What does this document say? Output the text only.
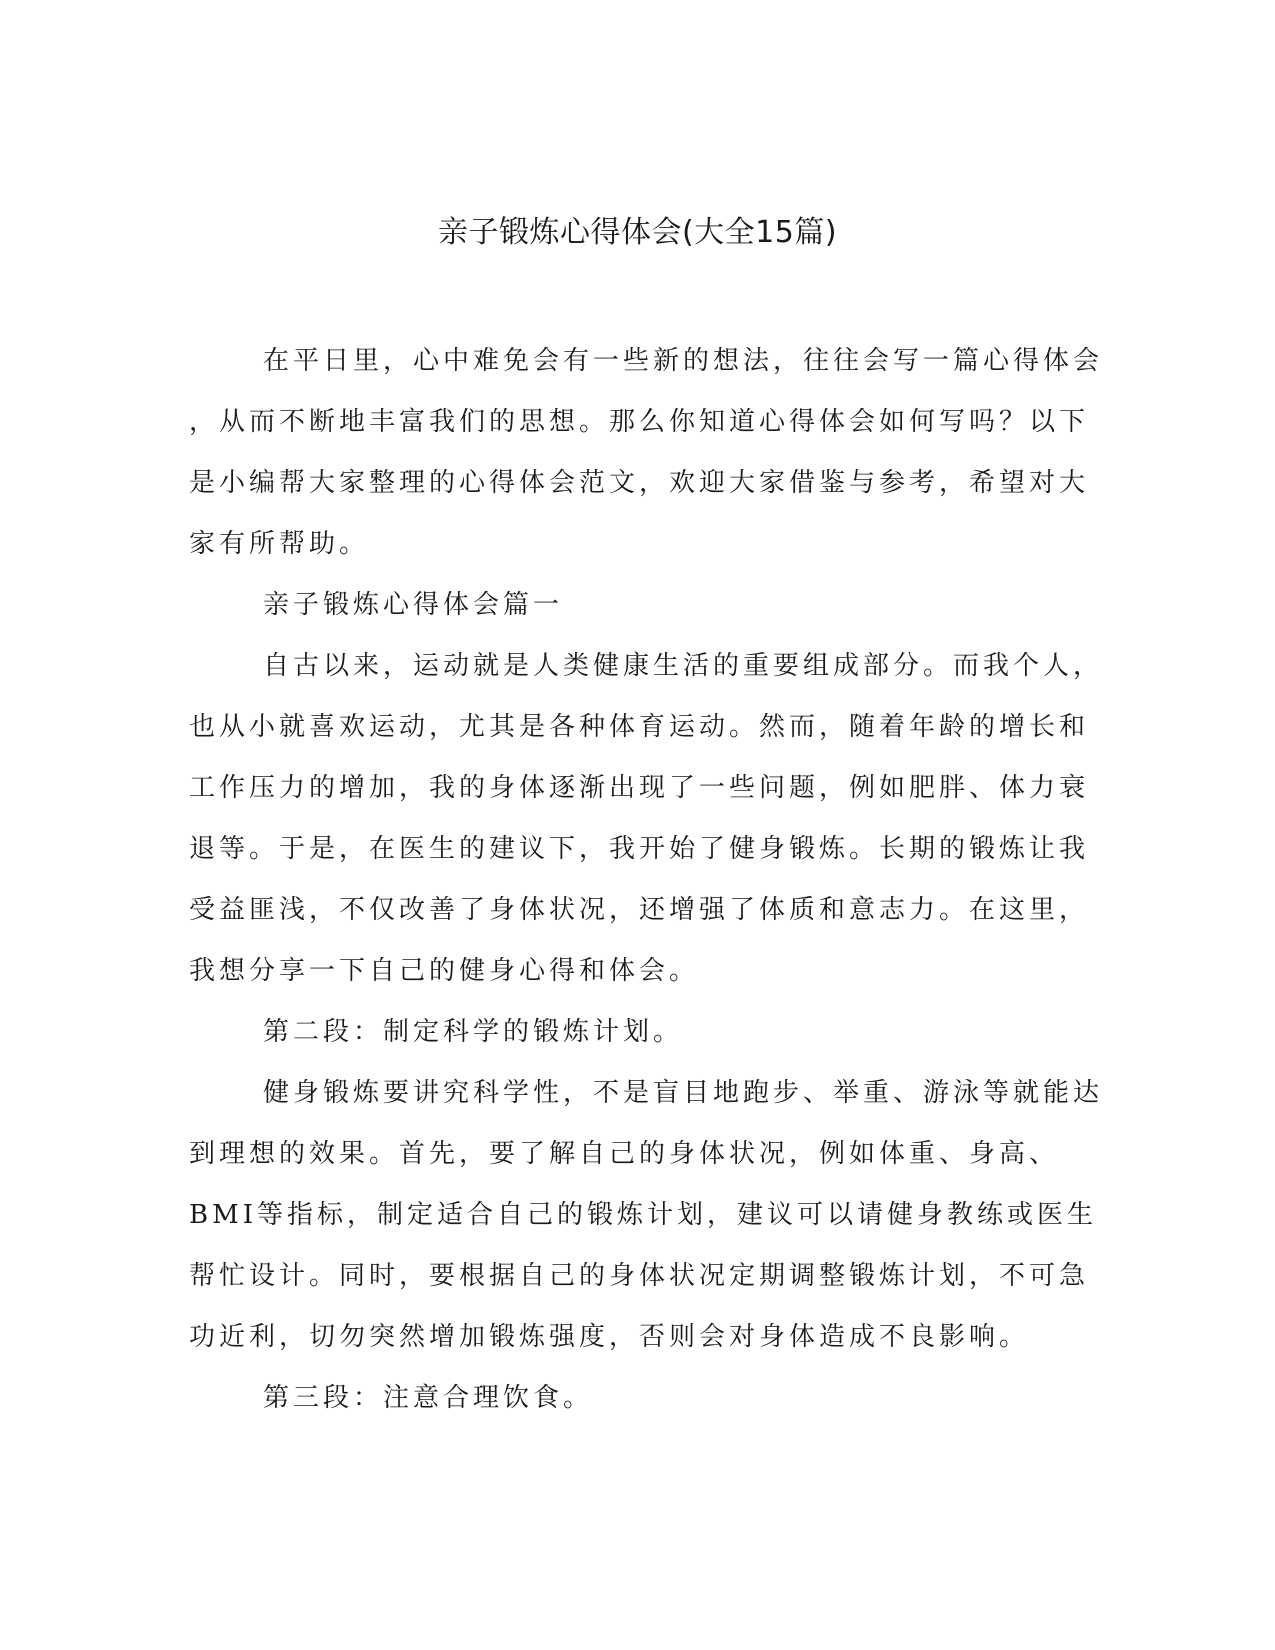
亲子锻炼心得体会(大全15篇)

在平日里，心中难免会有一些新的想法，往往会写一篇心得体会

，从而不断地丰富我们的思想。那么你知道心得体会如何写吗？以下

是小编帮大家整理的心得体会范文，欢迎大家借鉴与参考，希望对大

家有所帮助。

亲子锻炼心得体会篇一

自古以来，运动就是人类健康生活的重要组成部分。而我个人，

也从小就喜欢运动，尤其是各种体育运动。然而，随着年龄的增长和

工作压力的增加，我的身体逐渐出现了一些问题，例如肥胖、体力衰

退等。于是，在医生的建议下，我开始了健身锻炼。长期的锻炼让我

受益匪浅，不仅改善了身体状况，还增强了体质和意志力。在这里，

我想分享一下自己的健身心得和体会。

第二段：制定科学的锻炼计划。

健身锻炼要讲究科学性，不是盲目地跑步、举重、游泳等就能达

到理想的效果。首先，要了解自己的身体状况，例如体重、身高、

BMI等指标，制定适合自己的锻炼计划，建议可以请健身教练或医生

帮忙设计。同时，要根据自己的身体状况定期调整锻炼计划，不可急

功近利，切勿突然增加锻炼强度，否则会对身体造成不良影响。

第三段：注意合理饮食。
